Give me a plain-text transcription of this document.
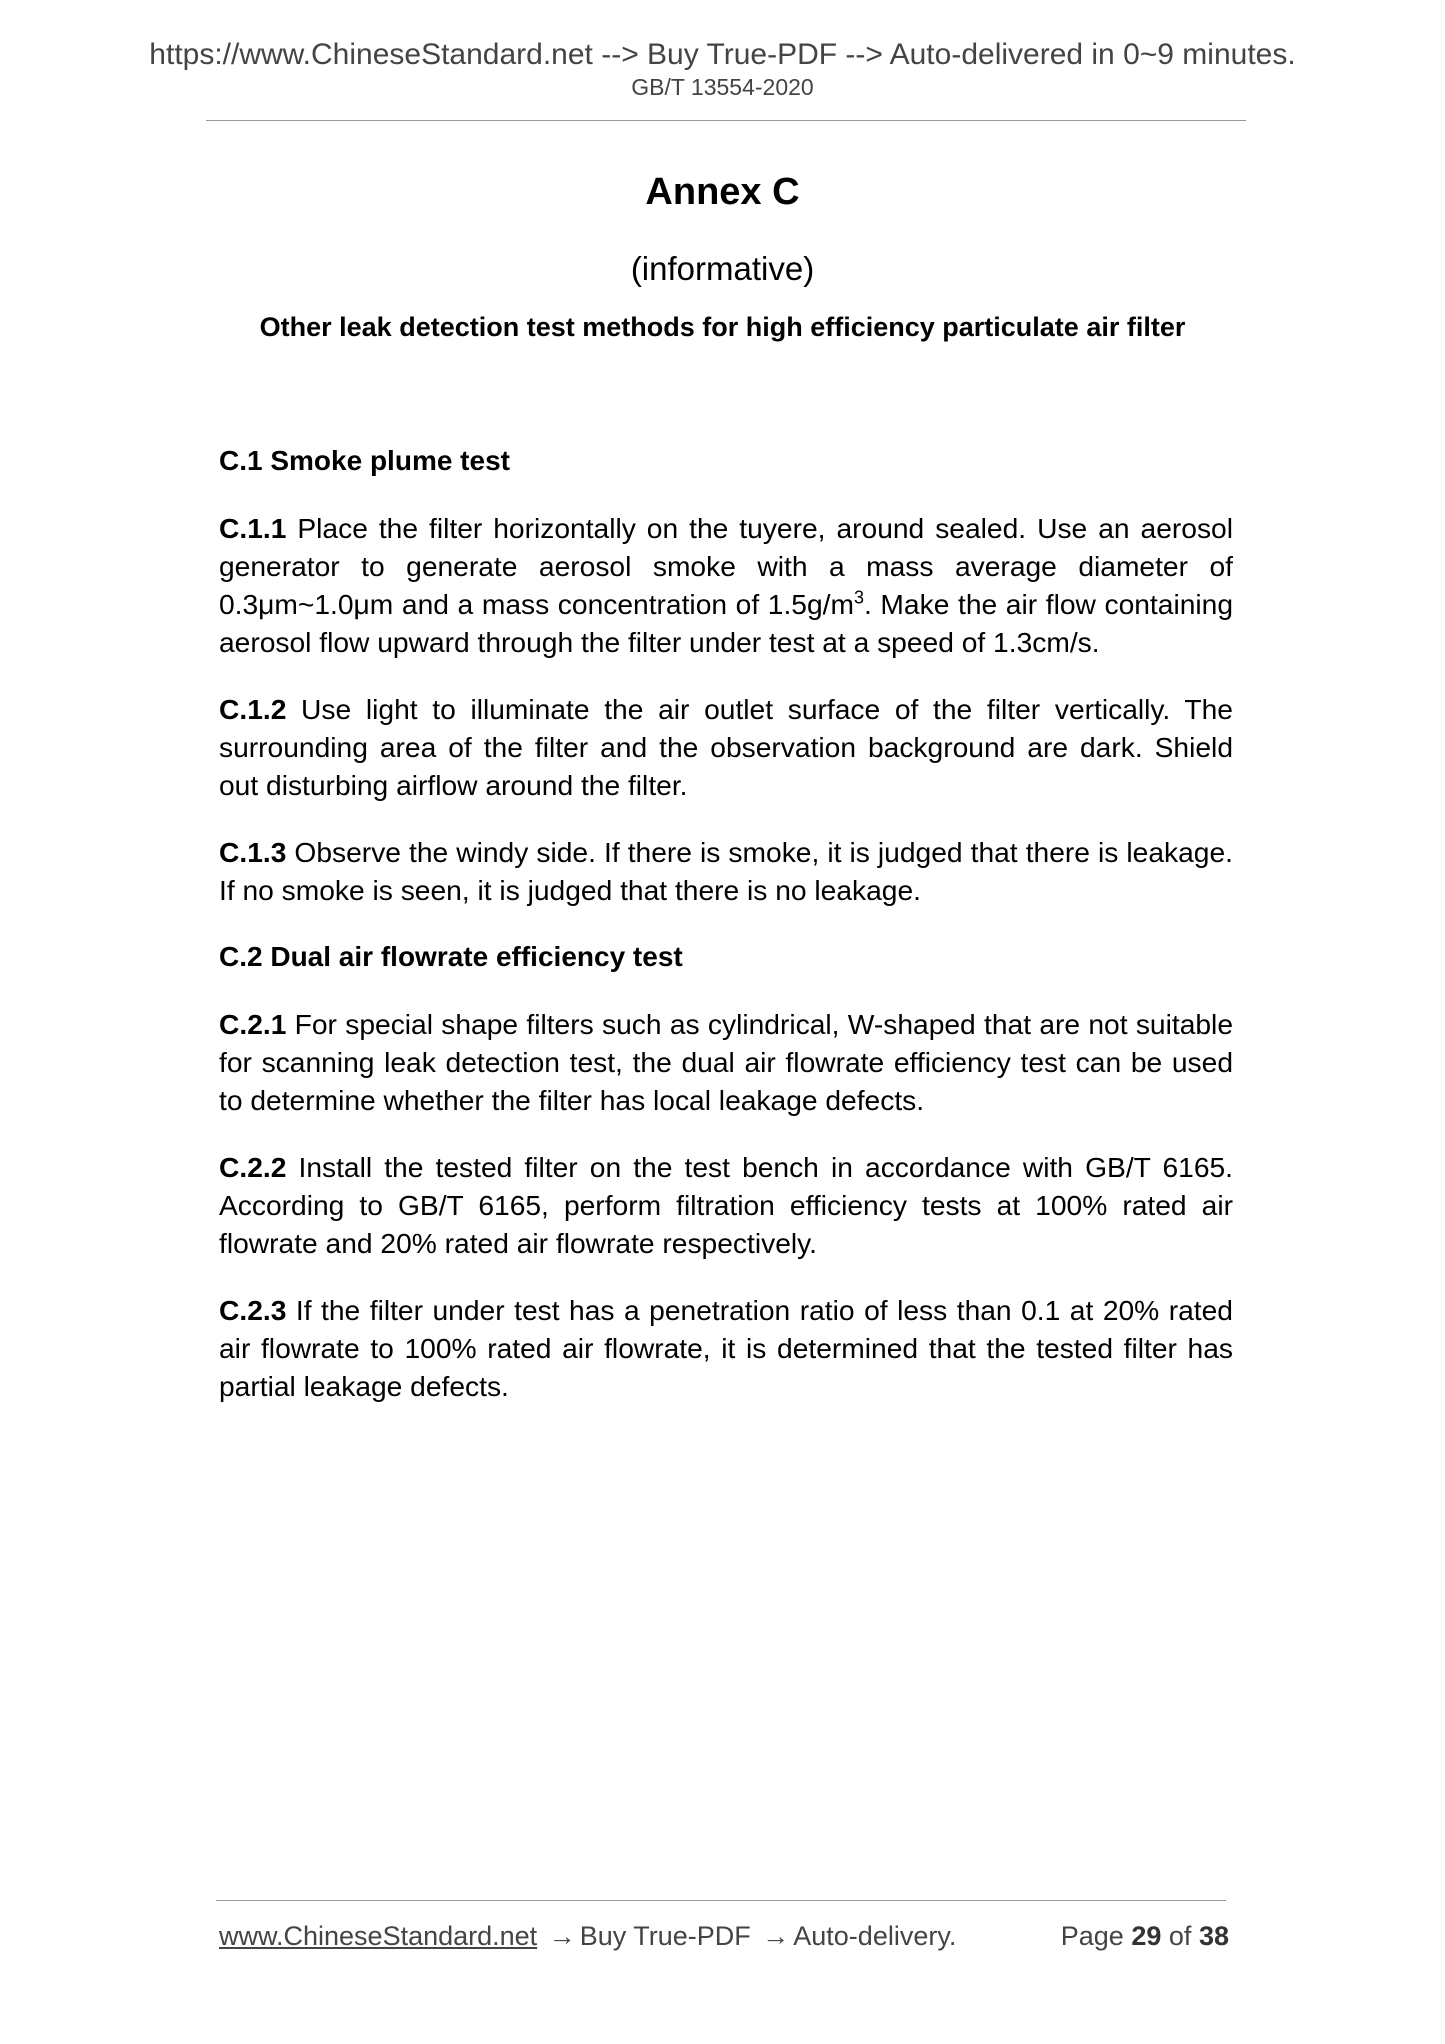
https://www.ChineseStandard.net --> Buy True-PDF --> Auto-delivered in 0~9 minutes.
GB/T 13554-2020
Annex C
(informative)
Other leak detection test methods for high efficiency particulate air filter
C.1 Smoke plume test

C.1.1 Place the filter horizontally on the tuyere, around sealed. Use an aerosol generator to generate aerosol smoke with a mass average diameter of 0.3μm~1.0μm and a mass concentration of $1.5g/m^3$. Make the air flow containing aerosol flow upward through the filter under test at a speed of 1.3cm/s.

C.1.2 Use light to illuminate the air outlet surface of the filter vertically. The surrounding area of the filter and the observation background are dark. Shield out disturbing airflow around the filter.

C.1.3 Observe the windy side. If there is smoke, it is judged that there is leakage. If no smoke is seen, it is judged that there is no leakage.

C.2 Dual air flowrate efficiency test

C.2.1 For special shape filters such as cylindrical, W-shaped that are not suitable for scanning leak detection test, the dual air flowrate efficiency test can be used to determine whether the filter has local leakage defects.

C.2.2 Install the tested filter on the test bench in accordance with GB/T 6165. According to GB/T 6165, perform filtration efficiency tests at 100% rated air flowrate and 20% rated air flowrate respectively.

C.2.3 If the filter under test has a penetration ratio of less than 0.1 at 20% rated air flowrate to 100% rated air flowrate, it is determined that the tested filter has partial leakage defects.

www.ChineseStandard.net → Buy True-PDF → Auto-delivery.	Page 29 of 38
